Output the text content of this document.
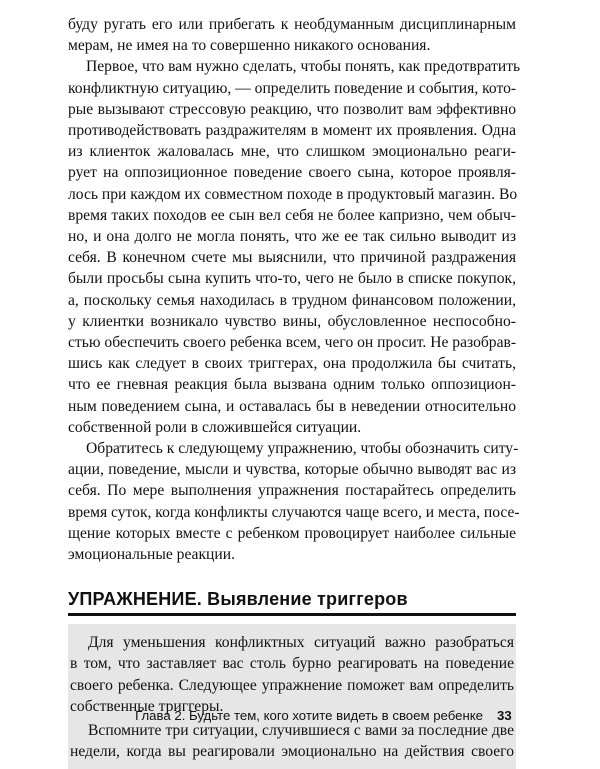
буду ругать его или прибегать к необдуманным дисциплинарным
мерам, не имея на то совершенно никакого основания.

Первое, что вам нужно сделать, чтобы понять, как предотвратить
конфликтную ситуацию, — определить поведение и события, кото-
рые вызывают стрессовую реакцию, что позволит вам эффективно
противодействовать раздражителям в момент их проявления. Одна
из клиенток жаловалась мне, что слишком эмоционально реаги-
рует на оппозиционное поведение своего сына, которое проявля-
лось при каждом их совместном походе в продуктовый магазин. Во
время таких походов ее сын вел себя не более капризно, чем обыч-
но, и она долго не могла понять, что же ее так сильно выводит из
себя. В конечном счете мы выяснили, что причиной раздражения
были просьбы сына купить что-то, чего не было в списке покупок,
а, поскольку семья находилась в трудном финансовом положении,
у клиентки возникало чувство вины, обусловленное неспособно-
стью обеспечить своего ребенка всем, чего он просит. Не разобрав-
шись как следует в своих триггерах, она продолжила бы считать,
что ее гневная реакция была вызвана одним только оппозицион-
ным поведением сына, и оставалась бы в неведении относительно
собственной роли в сложившейся ситуации.

Обратитесь к следующему упражнению, чтобы обозначить ситу-
ации, поведение, мысли и чувства, которые обычно выводят вас из
себя. По мере выполнения упражнения постарайтесь определить
время суток, когда конфликты случаются чаще всего, и места, посе-
щение которых вместе с ребенком провоцирует наиболее сильные
эмоциональные реакции.

УПРАЖНЕНИЕ. Выявление триггеров

Для уменьшения конфликтных ситуаций важно разобраться
в том, что заставляет вас столь бурно реагировать на поведение
своего ребенка. Следующее упражнение поможет вам определить
собственные триггеры.

Вспомните три ситуации, случившиеся с вами за последние две
недели, когда вы реагировали эмоционально на действия своего

Глава 2. Будьте тем, кого хотите видеть в своем ребенке 33
